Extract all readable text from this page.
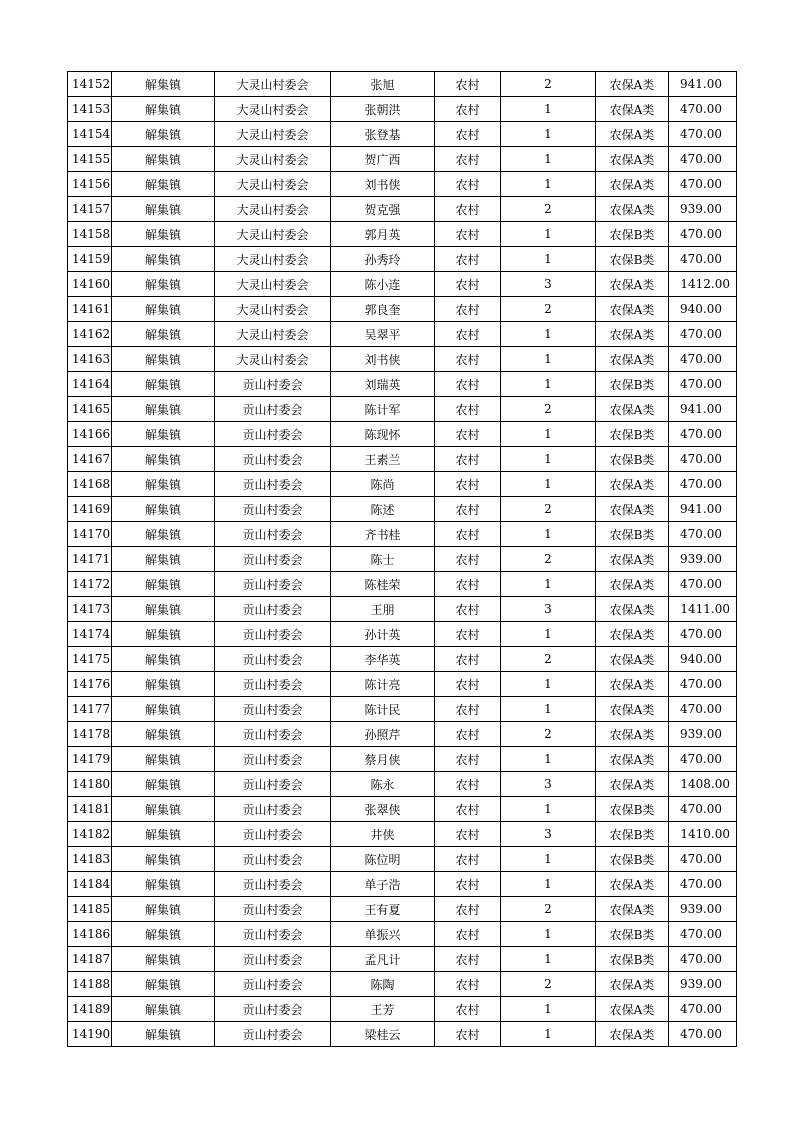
14152	解集镇	大灵山村委会	张旭	农村	2	农保A类	941.00
14153	解集镇	大灵山村委会	张朝洪	农村	1	农保A类	470.00
14154	解集镇	大灵山村委会	张登基	农村	1	农保A类	470.00
14155	解集镇	大灵山村委会	贺广西	农村	1	农保A类	470.00
14156	解集镇	大灵山村委会	刘书侠	农村	1	农保A类	470.00
14157	解集镇	大灵山村委会	贺克强	农村	2	农保A类	939.00
14158	解集镇	大灵山村委会	郭月英	农村	1	农保B类	470.00
14159	解集镇	大灵山村委会	孙秀玲	农村	1	农保B类	470.00
14160	解集镇	大灵山村委会	陈小连	农村	3	农保A类	1412.00
14161	解集镇	大灵山村委会	郭良奎	农村	2	农保A类	940.00
14162	解集镇	大灵山村委会	吴翠平	农村	1	农保A类	470.00
14163	解集镇	大灵山村委会	刘书侠	农村	1	农保A类	470.00
14164	解集镇	贡山村委会	刘瑞英	农村	1	农保B类	470.00
14165	解集镇	贡山村委会	陈计军	农村	2	农保A类	941.00
14166	解集镇	贡山村委会	陈现怀	农村	1	农保B类	470.00
14167	解集镇	贡山村委会	王素兰	农村	1	农保B类	470.00
14168	解集镇	贡山村委会	陈尚	农村	1	农保A类	470.00
14169	解集镇	贡山村委会	陈述	农村	2	农保A类	941.00
14170	解集镇	贡山村委会	齐书桂	农村	1	农保B类	470.00
14171	解集镇	贡山村委会	陈士	农村	2	农保A类	939.00
14172	解集镇	贡山村委会	陈桂荣	农村	1	农保A类	470.00
14173	解集镇	贡山村委会	王朋	农村	3	农保A类	1411.00
14174	解集镇	贡山村委会	孙计英	农村	1	农保A类	470.00
14175	解集镇	贡山村委会	李华英	农村	2	农保A类	940.00
14176	解集镇	贡山村委会	陈计亮	农村	1	农保A类	470.00
14177	解集镇	贡山村委会	陈计民	农村	1	农保A类	470.00
14178	解集镇	贡山村委会	孙照芹	农村	2	农保A类	939.00
14179	解集镇	贡山村委会	蔡月侠	农村	1	农保A类	470.00
14180	解集镇	贡山村委会	陈永	农村	3	农保A类	1408.00
14181	解集镇	贡山村委会	张翠侠	农村	1	农保B类	470.00
14182	解集镇	贡山村委会	井侠	农村	3	农保B类	1410.00
14183	解集镇	贡山村委会	陈位明	农村	1	农保B类	470.00
14184	解集镇	贡山村委会	单子浩	农村	1	农保A类	470.00
14185	解集镇	贡山村委会	王有夏	农村	2	农保A类	939.00
14186	解集镇	贡山村委会	单振兴	农村	1	农保B类	470.00
14187	解集镇	贡山村委会	孟凡计	农村	1	农保B类	470.00
14188	解集镇	贡山村委会	陈陶	农村	2	农保A类	939.00
14189	解集镇	贡山村委会	王芳	农村	1	农保A类	470.00
14190	解集镇	贡山村委会	梁桂云	农村	1	农保A类	470.00
